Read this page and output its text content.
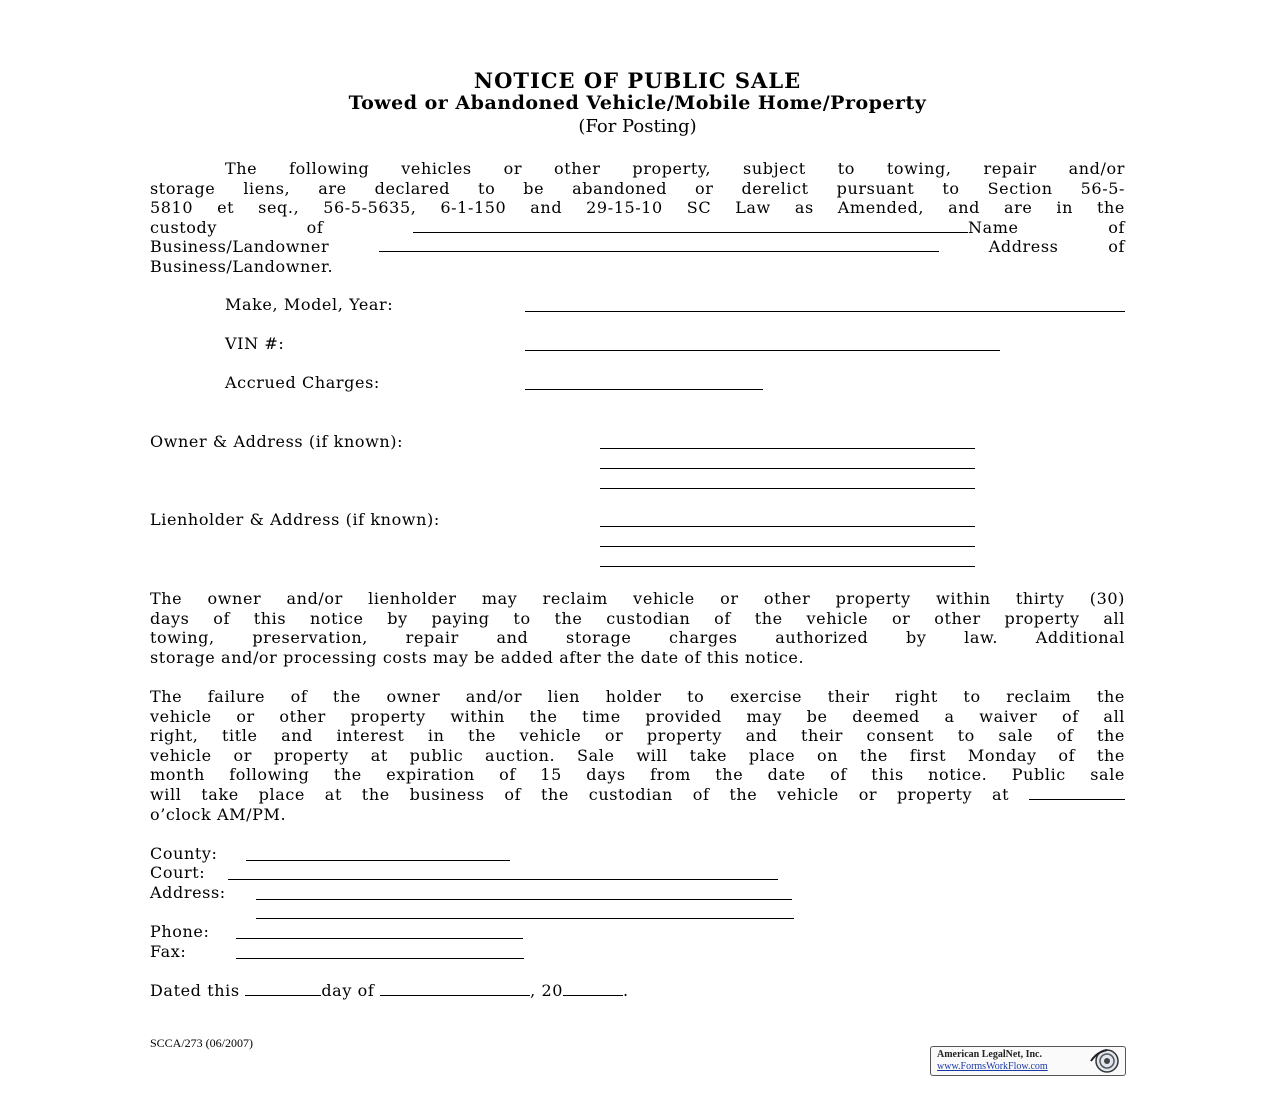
NOTICE OF PUBLIC SALE
Towed or Abandoned Vehicle/Mobile Home/Property
(For Posting)
The following vehicles or other property, subject to towing, repair and/or
storage liens, are declared to be abandoned or derelict pursuant to Section 56-5-
5810 et seq., 56-5-5635, 6-1-150 and 29-15-10 SC Law as Amended, and are in the
custody	of	Name	of
Business/Landowner	Address	of
Business/Landowner.
Make, Model, Year:
VIN #:
Accrued Charges:
Owner & Address (if known):
Lienholder & Address (if known):
The owner and/or lienholder may reclaim vehicle or other property within thirty (30)
days of this notice by paying to the custodian of the vehicle or other property all
towing, preservation, repair and storage charges authorized by law. Additional
storage and/or processing costs may be added after the date of this notice.
The failure of the owner and/or lien holder to exercise their right to reclaim the
vehicle or other property within the time provided may be deemed a waiver of all
right, title and interest in the vehicle or property and their consent to sale of the
vehicle or property at public auction. Sale will take place on the first Monday of the
month following the expiration of 15 days from the date of this notice. Public sale
will take place at the business of the custodian of the vehicle or property at
o’clock AM/PM.
County:
Court:
Address:
Phone:
Fax:
Dated this	day of	, 20	.
SCCA/273 (06/2007)
American LegalNet, Inc.
www.FormsWorkFlow.com
